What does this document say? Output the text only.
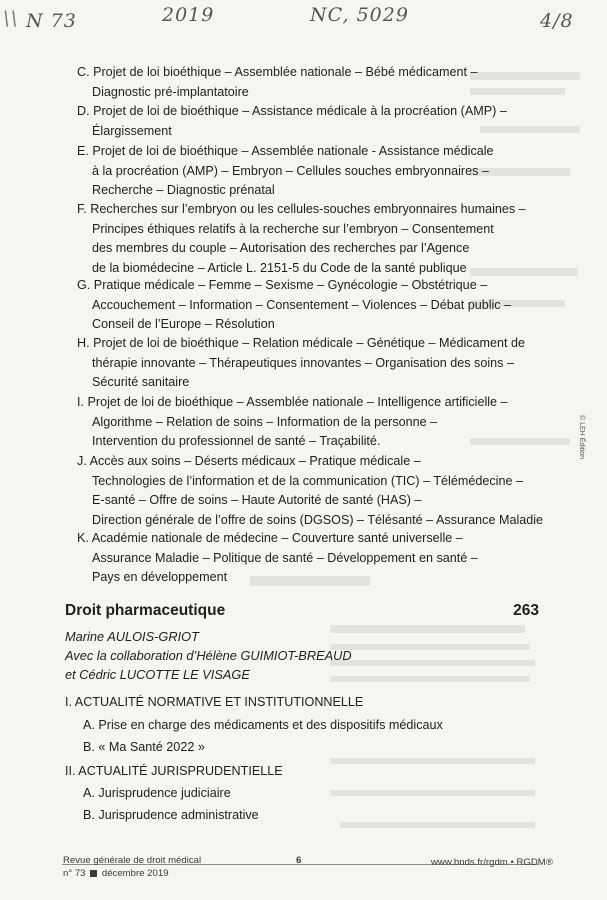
\\ N 73	2019	NC, 5029	4/8
C. Projet de loi bioéthique – Assemblée nationale – Bébé médicament –
Diagnostic pré-implantatoire
D. Projet de loi de bioéthique – Assistance médicale à la procréation (AMP) –
Élargissement
E. Projet de loi de bioéthique – Assemblée nationale - Assistance médicale
à la procréation (AMP) – Embryon – Cellules souches embryonnaires –
Recherche – Diagnostic prénatal
F. Recherches sur l’embryon ou les cellules-souches embryonnaires humaines –
Principes éthiques relatifs à la recherche sur l’embryon – Consentement
des membres du couple – Autorisation des recherches par l’Agence
de la biomédecine – Article L. 2151-5 du Code de la santé publique
G. Pratique médicale – Femme – Sexisme – Gynécologie – Obstétrique –
Accouchement – Information – Consentement – Violences – Débat public –
Conseil de l’Europe – Résolution
H. Projet de loi de bioéthique – Relation médicale – Génétique – Médicament de
thérapie innovante – Thérapeutiques innovantes – Organisation des soins –
Sécurité sanitaire
I. Projet de loi de bioéthique – Assemblée nationale – Intelligence artificielle –
Algorithme – Relation de soins – Information de la personne –
Intervention du professionnel de santé – Traçabilité.
J. Accès aux soins – Déserts médicaux – Pratique médicale –
Technologies de l’information et de la communication (TIC) – Télémédecine –
E-santé – Offre de soins – Haute Autorité de santé (HAS) –
Direction générale de l’offre de soins (DGSOS) – Télésanté – Assurance Maladie
K. Académie nationale de médecine – Couverture santé universelle –
Assurance Maladie – Politique de santé – Développement en santé –
Pays en développement
Droit pharmaceutique	263
Marine AULOIS-GRIOT
Avec la collaboration d’Hélène GUIMIOT-BREAUD
et Cédric LUCOTTE LE VISAGE
I. ACTUALITÉ NORMATIVE ET INSTITUTIONNELLE
A. Prise en charge des médicaments et des dispositifs médicaux
B. « Ma Santé 2022 »
II. ACTUALITÉ JURISPRUDENTIELLE
A. Jurisprudence judiciaire
B. Jurisprudence administrative
© LEH Édition
Revue générale de droit médical
n° 73 décembre 2019
6	www.bnds.fr/rgdm • RGDM®
